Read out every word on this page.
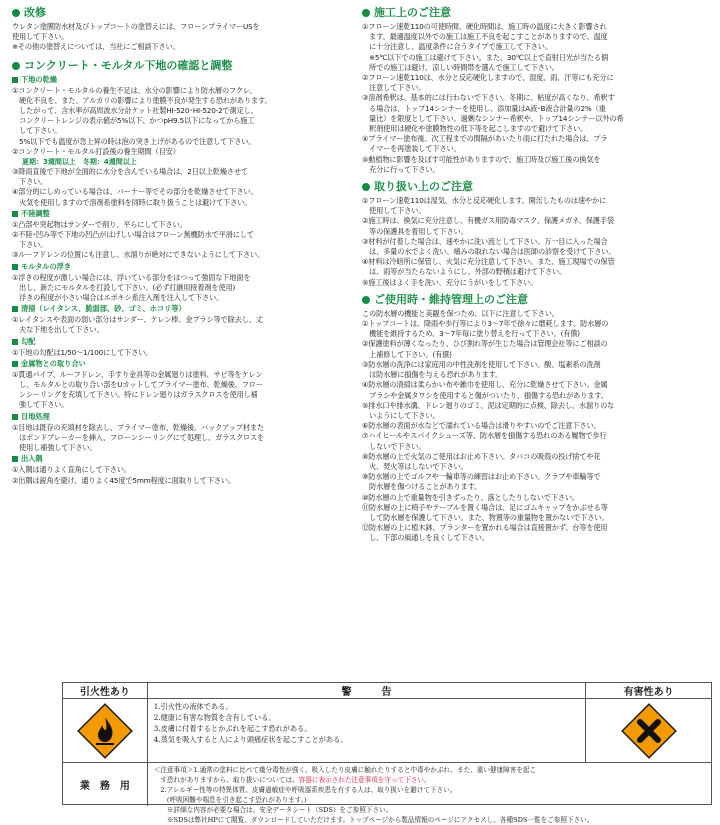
改修
ウレタン塗膜防水材及びトップコートの塗替えには、フローンプライマーUSを
使用して下さい。
※その他の塗替えについては、当社にご相談下さい。
コンクリート・モルタル下地の確認と調整
下地の乾燥
①コンクリート・モルタルの養生不足は、水分の影響により防水層のフクレ、
　硬化不良を、また、アルカリの影響により塗膜不良が発生する恐れがあります。
　したがって、含水率が高周波水分計ケット社製HI-520･HI-520-2で測定し、
　コンクリートレンジの表示値が5%以下、かつpH9.5以下になってから施工
　して下さい。
　5%以下でも温度が急上昇の時は泡の突き上げがあるので注意して下さい。
②コンクリート・モルタル打設後の養生期間（目安）
夏期：3週間以上　冬期：4週間以上
③降雨直後で下地が全面的に水分を含んでいる場合は、2日以上乾燥させて
　下さい。
④部分的にしめっている場合は、バーナー等でその部分を乾燥させて下さい。
　火気を使用しますので溶剤系塗料を同時に取り扱うことは避けて下さい。
不陸調整
①凸部や突起物はサンダーで削り、平らにして下さい。
②不陸･凹み等で下地の凹凸がはげしい場合はフローン無機防水で平滑にして
　下さい。
③ルーフドレンの位置にも注意し、水溜りが絶対にできないようにして下さい。
モルタルの浮き
①浮きの程度が激しい場合には、浮いている部分をはつって強固な下地面を
　出し、新たにモルタルを打設して下さい。(必ず打継用接着剤を使用)
　浮きの程度が小さい場合はエポキシ系注入剤を注入して下さい。
清掃（レイタンス、脆弱部、砂、ゴミ、ホコリ等）
①レイタンスや表面の弱い部分はサンダー、ケレン棒、金ブラシ等で除去し、丈
　夫な下地を出して下さい。
勾配
①下地の勾配は1/50～1/100にして下さい。
金属物との取り合い
①貫通パイプ、ルーフドレン、手すり金具等の金属廻りは塗料、サビ等をケレン
　し、モルタルとの取り合い部をUカットしてプライマー塗布、乾燥後、フロー
　ンシーリングを充填して下さい。特にドレン廻りはガラスクロスを使用し補
　強して下さい。
目地処理
①目地は既存の充填材を除去し、プライマー塗布、乾燥後、バックアップ材また
　はボンドブレーカーを挿入、フローンシーリングにて処理し、ガラスクロスを
　使用し補強して下さい。
出入隅
①入隅は通りよく直角にして下さい。
②出隅は鋭角を避け、通りよく45度で5mm程度に面取りして下さい。
施工上のご注意
①フローン速乾110の可使時間、硬化時間は、施工時の温度に大きく影響され
　ます。最適温度以外での施工は施工不良を起こすことがありますので、温度
　に十分注意し、温度条件に合うタイプで施工して下さい。
　※5℃以下での施工は避けて下さい。また、30℃以上で直射日光が当たる個
　所での施工は避け、涼しい時間帯を選んで施工して下さい。
②フローン速乾110は、水分と反応硬化しますので、湿度、雨、汗等にも充分に
　注意して下さい。
③溶剤希釈は、基本的には行わないで下さい。冬期に、粘度が高くなり、希釈す
　る場合は、トップ14シンナーを使用し、添加量はA液･B液合計量の2%（重
　量比）を限度として下さい。過剰なシンナー希釈や、トップ14シンナー以外の希
　釈剤使用は硬化や塗膜物性の低下等を起こしますので避けて下さい。
④プライマー塗布後、次工程までの間隔があいたり雨に打たれた場合は、プラ
　イマーを再塗装して下さい。
⑤動植物に影響を及ぼす可能性がありますので、施工時及び施工後の換気を
　充分に行って下さい。
取り扱い上のご注意
①フローン速乾110は湿気、水分と反応硬化します。開缶したものは速やかに
　使用して下さい。
②施工時は、換気に充分注意し、有機ガス用防毒マスク、保護メガネ、保護手袋
　等の保護具を着用して下さい。
③材料が付着した場合は、速やかに洗い流として下さい。万一目に入った場合
　は、多量の水でよく洗い、痛みの取れない場合は医師の診察を受けて下さい。
④材料は冷暗所に保管し、火気に充分注意して下さい。また、施工現場での保管
　は、雨等が当たらないようにし、外部の野積は避けて下さい。
⑤施工後はよく手を洗い、充分にうがいをして下さい。
ご使用時・維持管理上のご注意
この防水層の機能と美観を保つため、以下に注意して下さい。
①トップコートは、降雨や歩行等により3～7年で徐々に磨耗します。防水層の
　機能を維持するため、3～7年毎に塗り替えを行って下さい。(有償)
②保護塗料が薄くなったり、ひび割れ等が生じた場合は管理会社等にご相談の
　上補修して下さい。(有償)
③防水層の洗浄には家庭用の中性洗剤を使用して下さい。酸、塩素系の洗剤
　は防水層に損傷を与える恐れがあります。
④防水層の清掃は柔らかい布や雑巾を使用し、充分に乾燥させて下さい。金属
　ブラシや金属タワシを使用すると傷がついたり、損傷する恐れがあります。
⑤排水口や排水溝、ドレン廻りのゴミ、泥は定期的に点検、除去し、水溜りのな
　いようにして下さい。
⑥防水層の表面が水などで濡れている場合は滑りやすいのでご注意下さい。
⑦ハイヒールやスパイクシューズ等、防水層を損傷する恐れのある履物で歩行
　しないで下さい。
⑧防水層の上で火気のご使用はお止め下さい。タバコの吸殻の投げ捨てや花
　火、焚火等はしないで下さい。
⑨防水層の上でゴルフや一輪車等の練習はお止め下さい。クラブや車輪等で
　防水層を傷つけることがあります。
⑩防水層の上で重量物を引きずったり、落としたりしないで下さい。
⑪防水層の上に椅子やテーブルを置く場合は、足にゴムキャップをかぶせる等
　して防水層を保護して下さい。また、物置等の重量物を置かないで下さい。
⑫防水層の上に植木鉢、プランターを置かれる場合は直接置かず、台等を使用
　し、下部の風通しを良くして下さい。
引火性あり	警　　　告	有害性あり
1.引火性の液体である。
2.健康に有害な物質を含有している。
3.皮膚に付着するとかぶれを起こす恐れがある。
4.蒸気を吸入すると人により頭痛症状を起こすことがある。
業　務　用
＜注意事項＞1.通常の塗料に比べて幾分毒性が強く、吸入したり皮膚に触れたりすると中毒やかぶれ、また、重い健康障害を起こ
　す恐れがありますから、取り扱いについては、容器に表示された注意事項を守って下さい。
　2.アレルギー性等の特異体質、皮膚過敏症や呼吸器系疾患を有する人は、取り扱いを避けて下さい。
　　(呼吸困難や喘息を引き起こす恐れがあります。)
　　※詳細な内容が必要な場合は、安全データシート（SDS）をご参照下さい。
　　※SDSは弊社HPにて閲覧、ダウンロードしていただけます。トップページから製品情報のページにアクセスし、各種SDS一覧をご参照下さい。
